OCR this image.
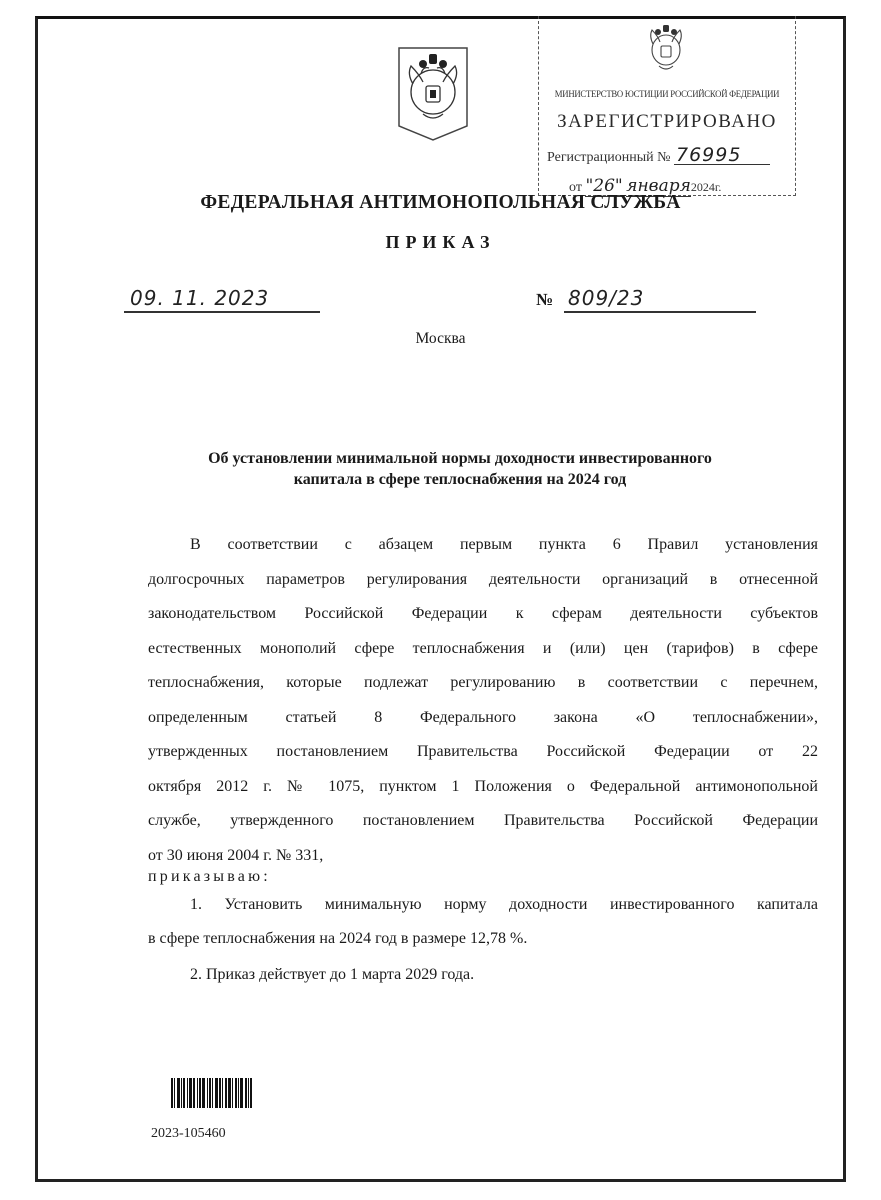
МИНИСТЕРСТВО ЮСТИЦИИ РОССИЙСКОЙ ФЕДЕРАЦИИ
ЗАРЕГИСТРИРОВАНО
Регистрационный № 76995
от "26" января2024г.
ФЕДЕРАЛЬНАЯ АНТИМОНОПОЛЬНАЯ СЛУЖБА
ПРИКАЗ
09. 11. 2023	№ 809/23
Москва
Об установлении минимальной нормы доходности инвестированного
капитала в сфере теплоснабжения на 2024 год
В соответствии с абзацем первым пункта 6 Правил установления
долгосрочных параметров регулирования деятельности организаций в отнесенной
законодательством Российской Федерации к сферам деятельности субъектов
естественных монополий сфере теплоснабжения и (или) цен (тарифов) в сфере
теплоснабжения, которые подлежат регулированию в соответствии с перечнем,
определенным статьей 8 Федерального закона «О теплоснабжении»,
утвержденных постановлением Правительства Российской Федерации от 22
октября 2012 г. № 1075, пунктом 1 Положения о Федеральной антимонопольной
службе, утвержденного постановлением Правительства Российской Федерации
от 30 июня 2004 г. № 331,
приказываю:
1. Установить минимальную норму доходности инвестированного капитала
в сфере теплоснабжения на 2024 год в размере 12,78 %.
2. Приказ действует до 1 марта 2029 года.
2023-105460
